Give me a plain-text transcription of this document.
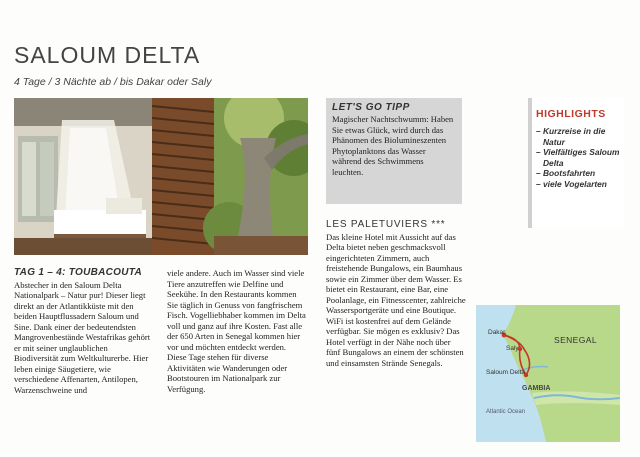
SALOUM DELTA
4 Tage / 3 Nächte ab / bis Dakar oder Saly
LET'S GO TIPP
Magischer Nachtschwumm: Haben Sie etwas Glück, wird durch das Phänomen des Biolumineszenten Phytoplanktons das Wasser während des Schwimmens leuchten.
HIGHLIGHTS
– Kurzreise in die Natur
– Vielfältiges Saloum Delta
– Bootsfahrten
– viele Vogelarten
TAG 1 – 4: TOUBACOUTA
Abstecher in den Saloum Delta Nationalpark – Natur pur! Dieser liegt direkt an der Atlantikküste mit den beiden Hauptflussadern Saloum und Sine. Dank einer der bedeutendsten Mangrovenbestände Westafrikas gehört er mit seiner unglaublichen Biodiversität zum Weltkulturerbe. Hier leben einige Säugetiere, wie verschiedene Affenarten, Antilopen, Warzenschweine und
viele andere. Auch im Wasser sind viele Tiere anzutreffen wie Delfine und Seekühe. In den Restaurants kommen Sie täglich in Genuss von fangfrischem Fisch. Vogelliebhaber kommen im Delta voll und ganz auf ihre Kosten. Fast alle der 650 Arten in Senegal kommen hier vor und möchten entdeckt werden. Diese Tage stehen für diverse Aktivitäten wie Wanderungen oder Bootstouren im Nationalpark zur Verfügung.
LES PALETUVIERS ***
Das kleine Hotel mit Aussicht auf das Delta bietet neben geschmacksvoll eingerichteten Zimmern, auch freistehende Bungalows, ein Baumhaus sowie ein Zimmer über dem Wasser. Es bietet ein Restaurant, eine Bar, eine Poolanlage, ein Fitnesscenter, zahlreiche Wassersportgeräte und eine Boutique. WiFi ist kostenfrei auf dem Gelände verfügbar. Sie mögen es exklusiv? Das Hotel verfügt in der Nähe noch über fünf Bungalows an einem der schönsten und einsamsten Strände Senegals.
Dakar
Saly
Saloum Delta
SENEGAL
GAMBIA
Atlantic Ocean
